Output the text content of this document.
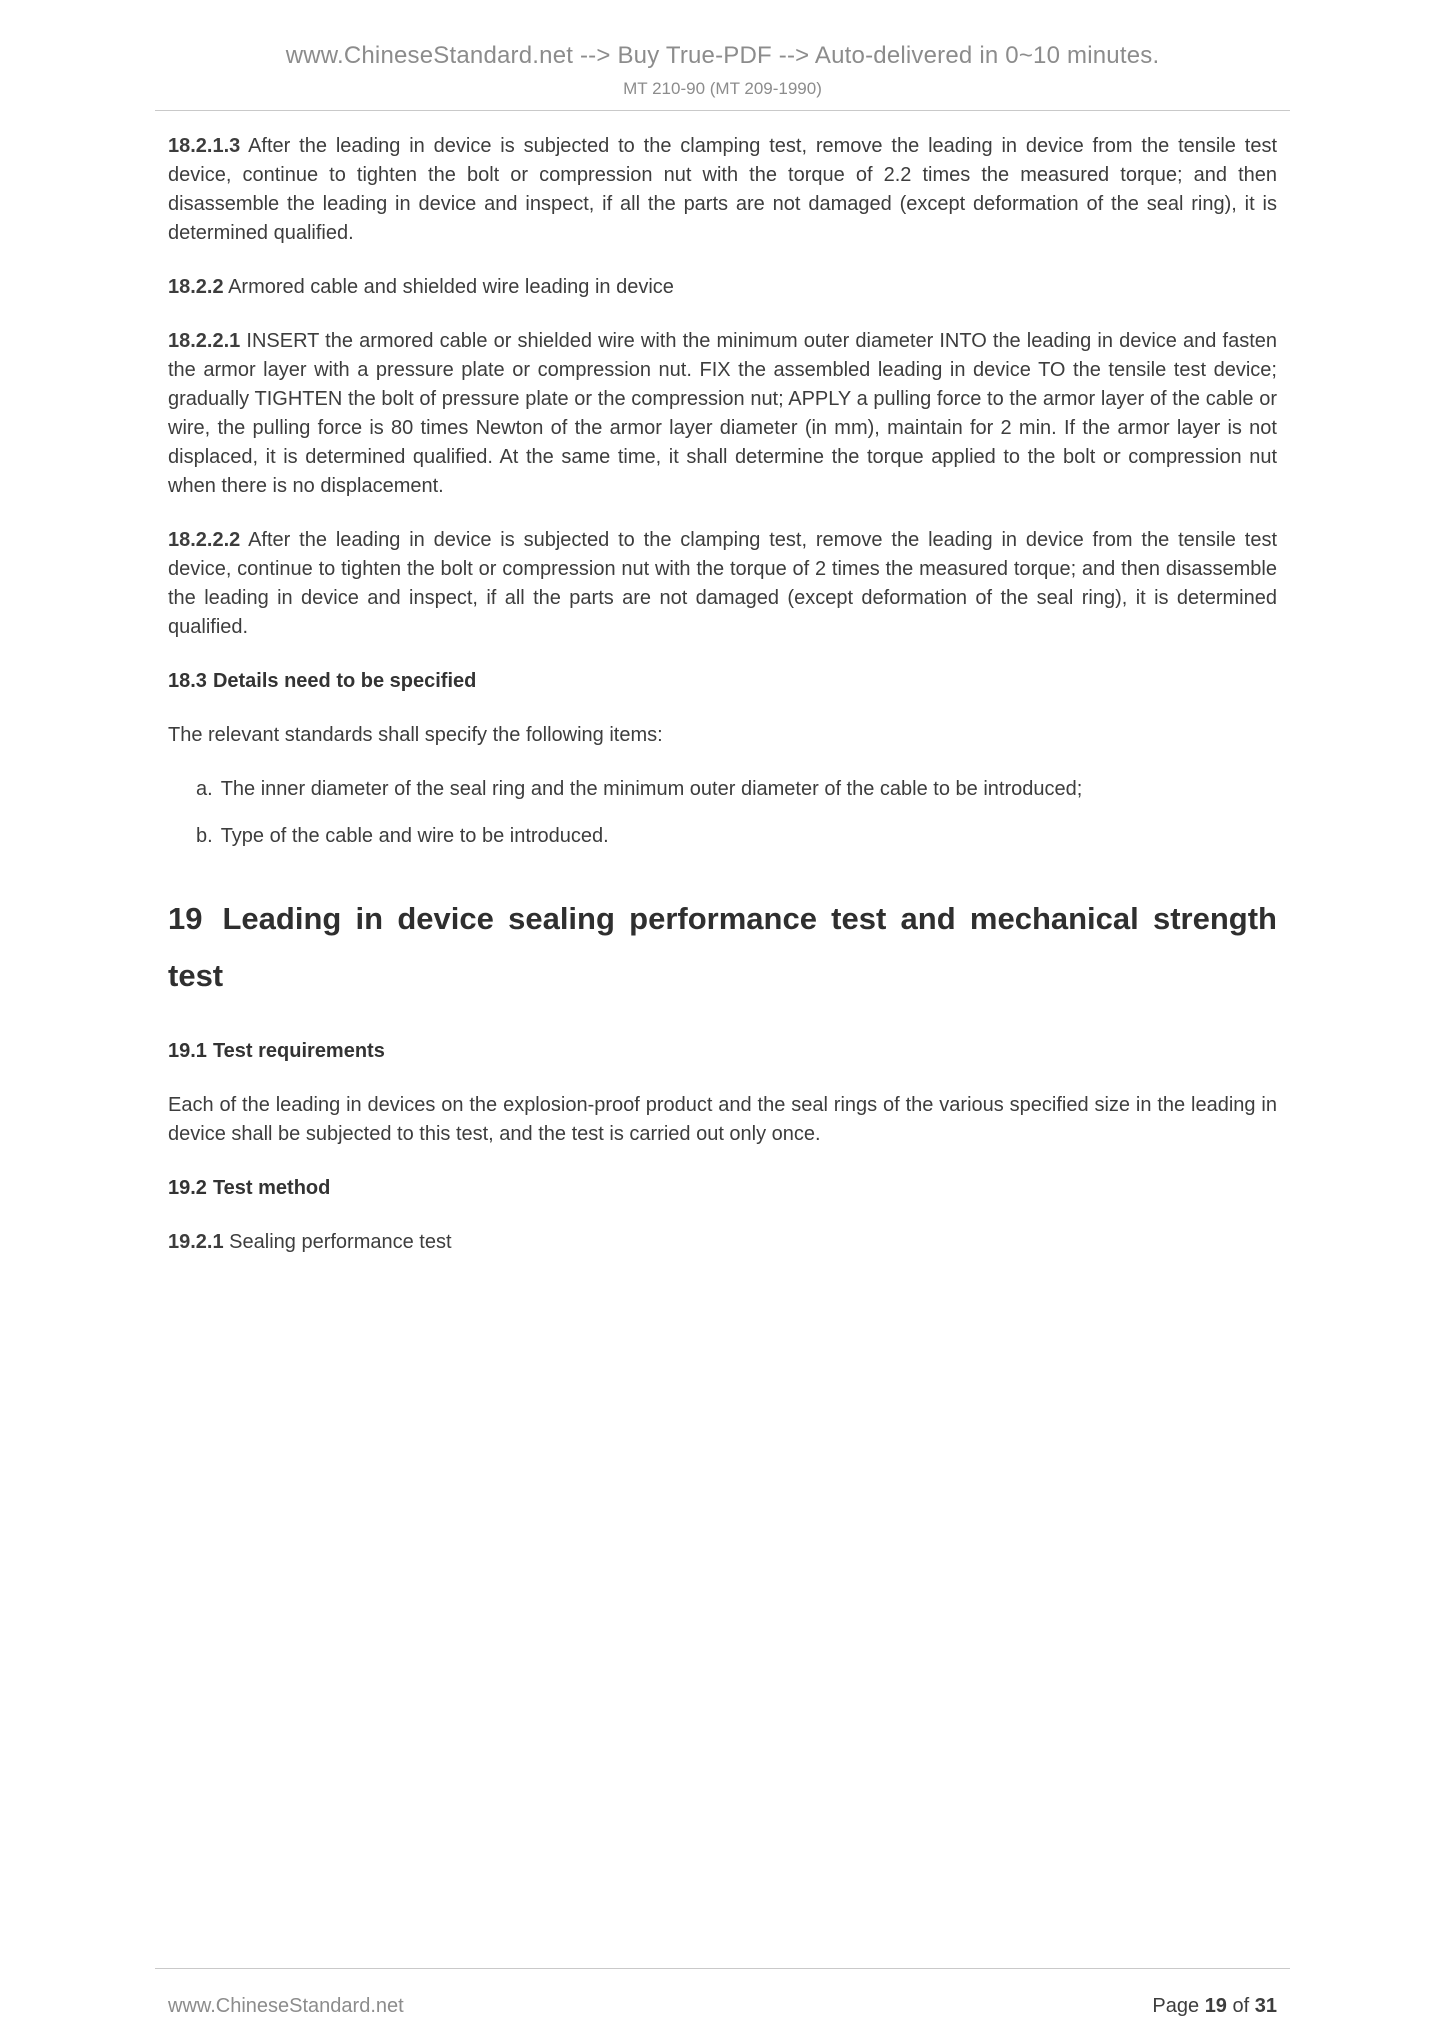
www.ChineseStandard.net --> Buy True-PDF --> Auto-delivered in 0~10 minutes.
MT 210-90 (MT 209-1990)

18.2.1.3 After the leading in device is subjected to the clamping test, remove the leading in device from the tensile test device, continue to tighten the bolt or compression nut with the torque of 2.2 times the measured torque; and then disassemble the leading in device and inspect, if all the parts are not damaged (except deformation of the seal ring), it is determined qualified.

18.2.2 Armored cable and shielded wire leading in device

18.2.2.1 INSERT the armored cable or shielded wire with the minimum outer diameter INTO the leading in device and fasten the armor layer with a pressure plate or compression nut. FIX the assembled leading in device TO the tensile test device; gradually TIGHTEN the bolt of pressure plate or the compression nut; APPLY a pulling force to the armor layer of the cable or wire, the pulling force is 80 times Newton of the armor layer diameter (in mm), maintain for 2 min. If the armor layer is not displaced, it is determined qualified. At the same time, it shall determine the torque applied to the bolt or compression nut when there is no displacement.

18.2.2.2 After the leading in device is subjected to the clamping test, remove the leading in device from the tensile test device, continue to tighten the bolt or compression nut with the torque of 2 times the measured torque; and then disassemble the leading in device and inspect, if all the parts are not damaged (except deformation of the seal ring), it is determined qualified.

18.3 Details need to be specified

The relevant standards shall specify the following items:

a. The inner diameter of the seal ring and the minimum outer diameter of the cable to be introduced;
b. Type of the cable and wire to be introduced.
19 Leading in device sealing performance test and mechanical strength test
19.1 Test requirements

Each of the leading in devices on the explosion-proof product and the seal rings of the various specified size in the leading in device shall be subjected to this test, and the test is carried out only once.

19.2 Test method

19.2.1 Sealing performance test

www.ChineseStandard.net	Page 19 of 31
